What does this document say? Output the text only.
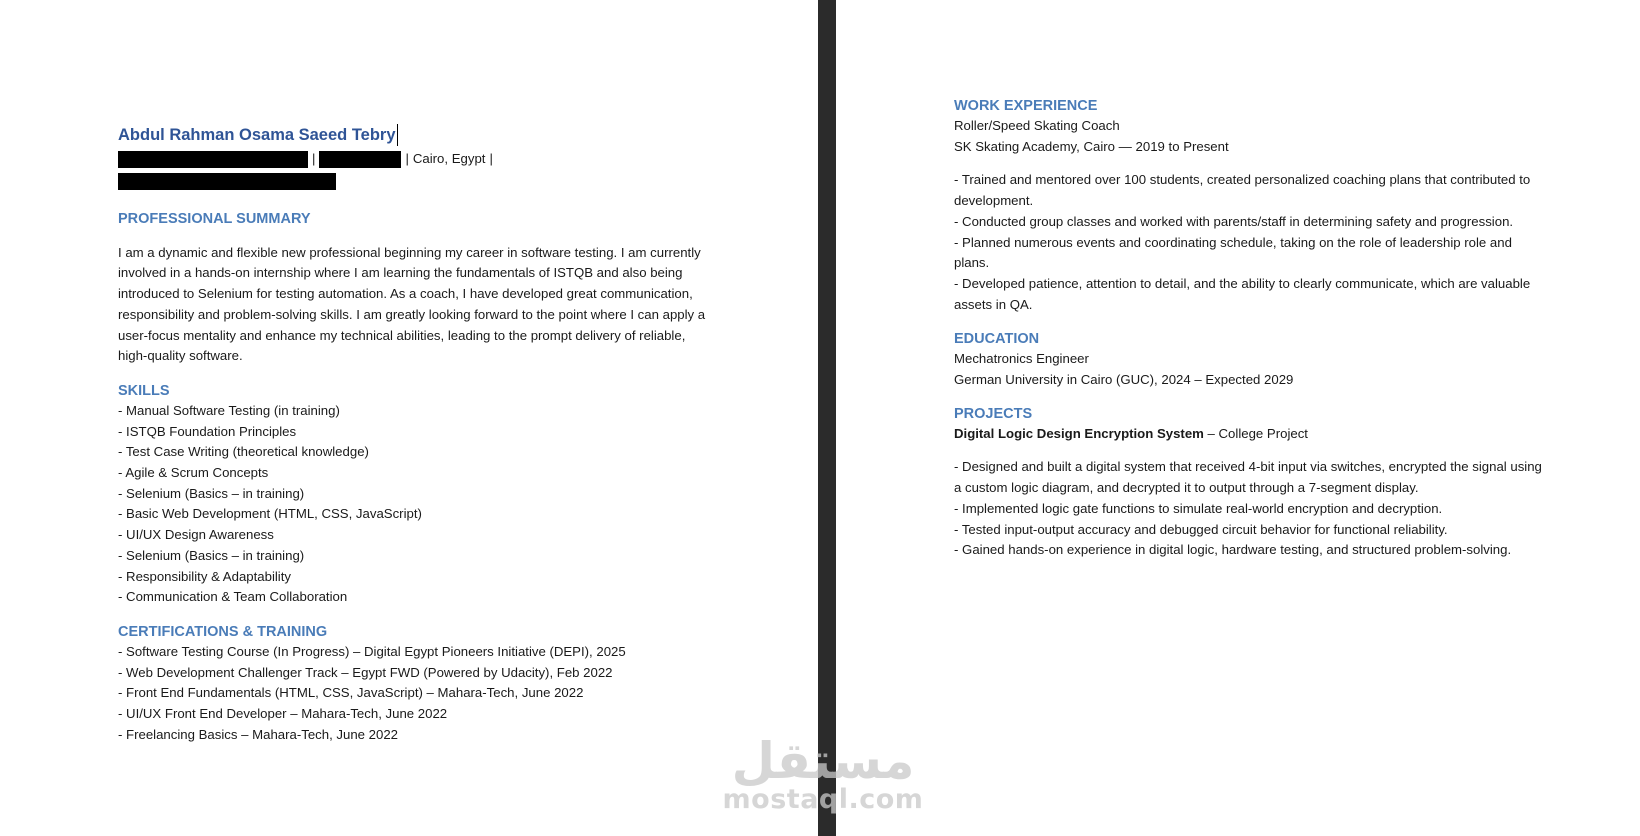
Abdul Rahman Osama Saeed Tebry
|	| Cairo, Egypt |
PROFESSIONAL SUMMARY

I am a dynamic and flexible new professional beginning my career in software testing. I am currently involved in a hands-on internship where I am learning the fundamentals of ISTQB and also being introduced to Selenium for testing automation. As a coach, I have developed great communication, responsibility and problem-solving skills. I am greatly looking forward to the point where I can apply a user-focus mentality and enhance my technical abilities, leading to the prompt delivery of reliable, high-quality software.

SKILLS
- Manual Software Testing (in training)
- ISTQB Foundation Principles
- Test Case Writing (theoretical knowledge)
- Agile & Scrum Concepts
- Selenium (Basics – in training)
- Basic Web Development (HTML, CSS, JavaScript)
- UI/UX Design Awareness
- Selenium (Basics – in training)
- Responsibility & Adaptability
- Communication & Team Collaboration
CERTIFICATIONS & TRAINING
- Software Testing Course (In Progress) – Digital Egypt Pioneers Initiative (DEPI), 2025
- Web Development Challenger Track – Egypt FWD (Powered by Udacity), Feb 2022
- Front End Fundamentals (HTML, CSS, JavaScript) – Mahara-Tech, June 2022
- UI/UX Front End Developer – Mahara-Tech, June 2022
- Freelancing Basics – Mahara-Tech, June 2022
WORK EXPERIENCE

Roller/Speed Skating Coach

SK Skating Academy, Cairo — 2019 to Present

- Trained and mentored over 100 students, created personalized coaching plans that contributed to development.
- Conducted group classes and worked with parents/staff in determining safety and progression.
- Planned numerous events and coordinating schedule, taking on the role of leadership role and plans.
- Developed patience, attention to detail, and the ability to clearly communicate, which are valuable assets in QA.
EDUCATION

Mechatronics Engineer

German University in Cairo (GUC), 2024 – Expected 2029

PROJECTS

Digital Logic Design Encryption System – College Project

- Designed and built a digital system that received 4-bit input via switches, encrypted the signal using a custom logic diagram, and decrypted it to output through a 7-segment display.
- Implemented logic gate functions to simulate real-world encryption and decryption.
- Tested input-output accuracy and debugged circuit behavior for functional reliability.
- Gained hands-on experience in digital logic, hardware testing, and structured problem-solving.
مستقل
mostaql.com
